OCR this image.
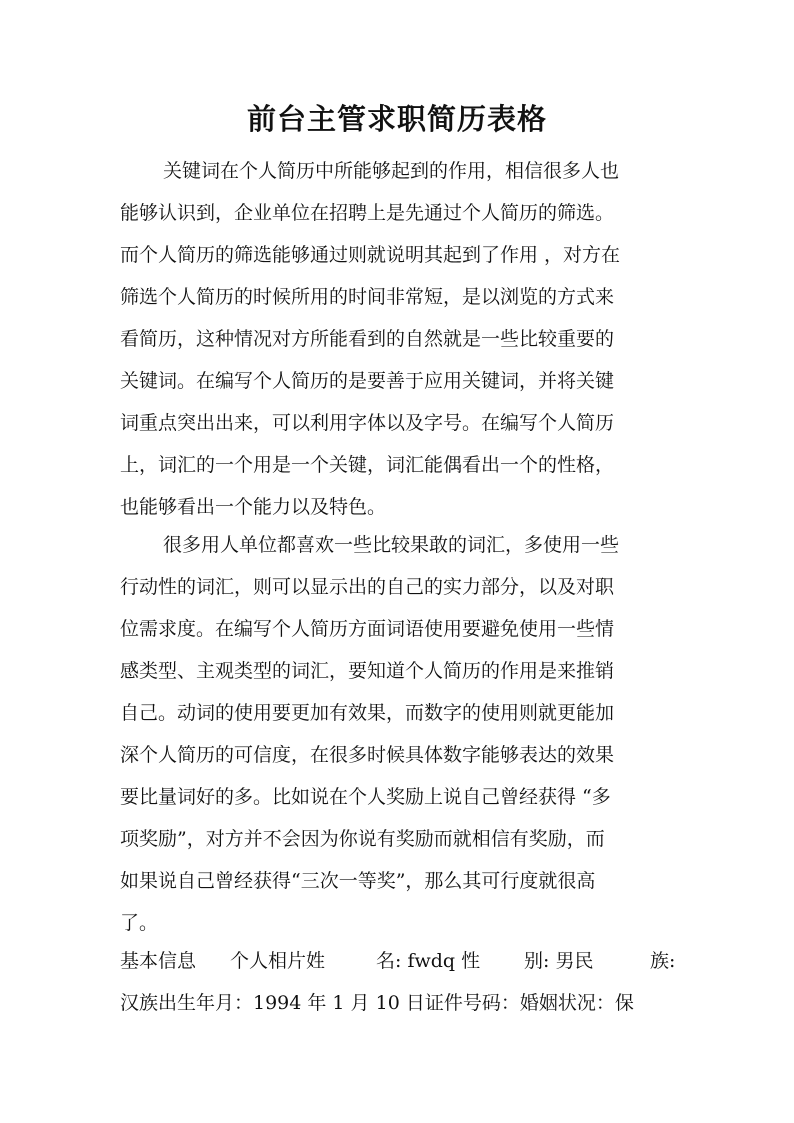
前台主管求职简历表格
关键词在个人简历中所能够起到的作用，相信很多人也
能够认识到，企业单位在招聘上是先通过个人简历的筛选。
而个人简历的筛选能够通过则就说明其起到了作用 ，对方在
筛选个人简历的时候所用的时间非常短，是以浏览的方式来
看简历，这种情况对方所能看到的自然就是一些比较重要的
关键词。在编写个人简历的是要善于应用关键词，并将关键
词重点突出出来，可以利用字体以及字号。在编写个人简历
上，词汇的一个用是一个关键，词汇能偶看出一个的性格，
也能够看出一个能力以及特色。
很多用人单位都喜欢一些比较果敢的词汇，多使用一些
行动性的词汇，则可以显示出的自己的实力部分，以及对职
位需求度。在编写个人简历方面词语使用要避免使用一些情
感类型、主观类型的词汇，要知道个人简历的作用是来推销
自己。动词的使用要更加有效果，而数字的使用则就更能加
深个人简历的可信度，在很多时候具体数字能够表达的效果
要比量词好的多。比如说在个人奖励上说自己曾经获得 “多
项奖励”，对方并不会因为你说有奖励而就相信有奖励，而
如果说自己曾经获得“三次一等奖”，那么其可行度就很高
了。
基本信息 个人相片姓	名: fwdq 性 别: 男民	族:
汉族出生年月：1994 年 1 月 10 日证件号码：婚姻状况：保
